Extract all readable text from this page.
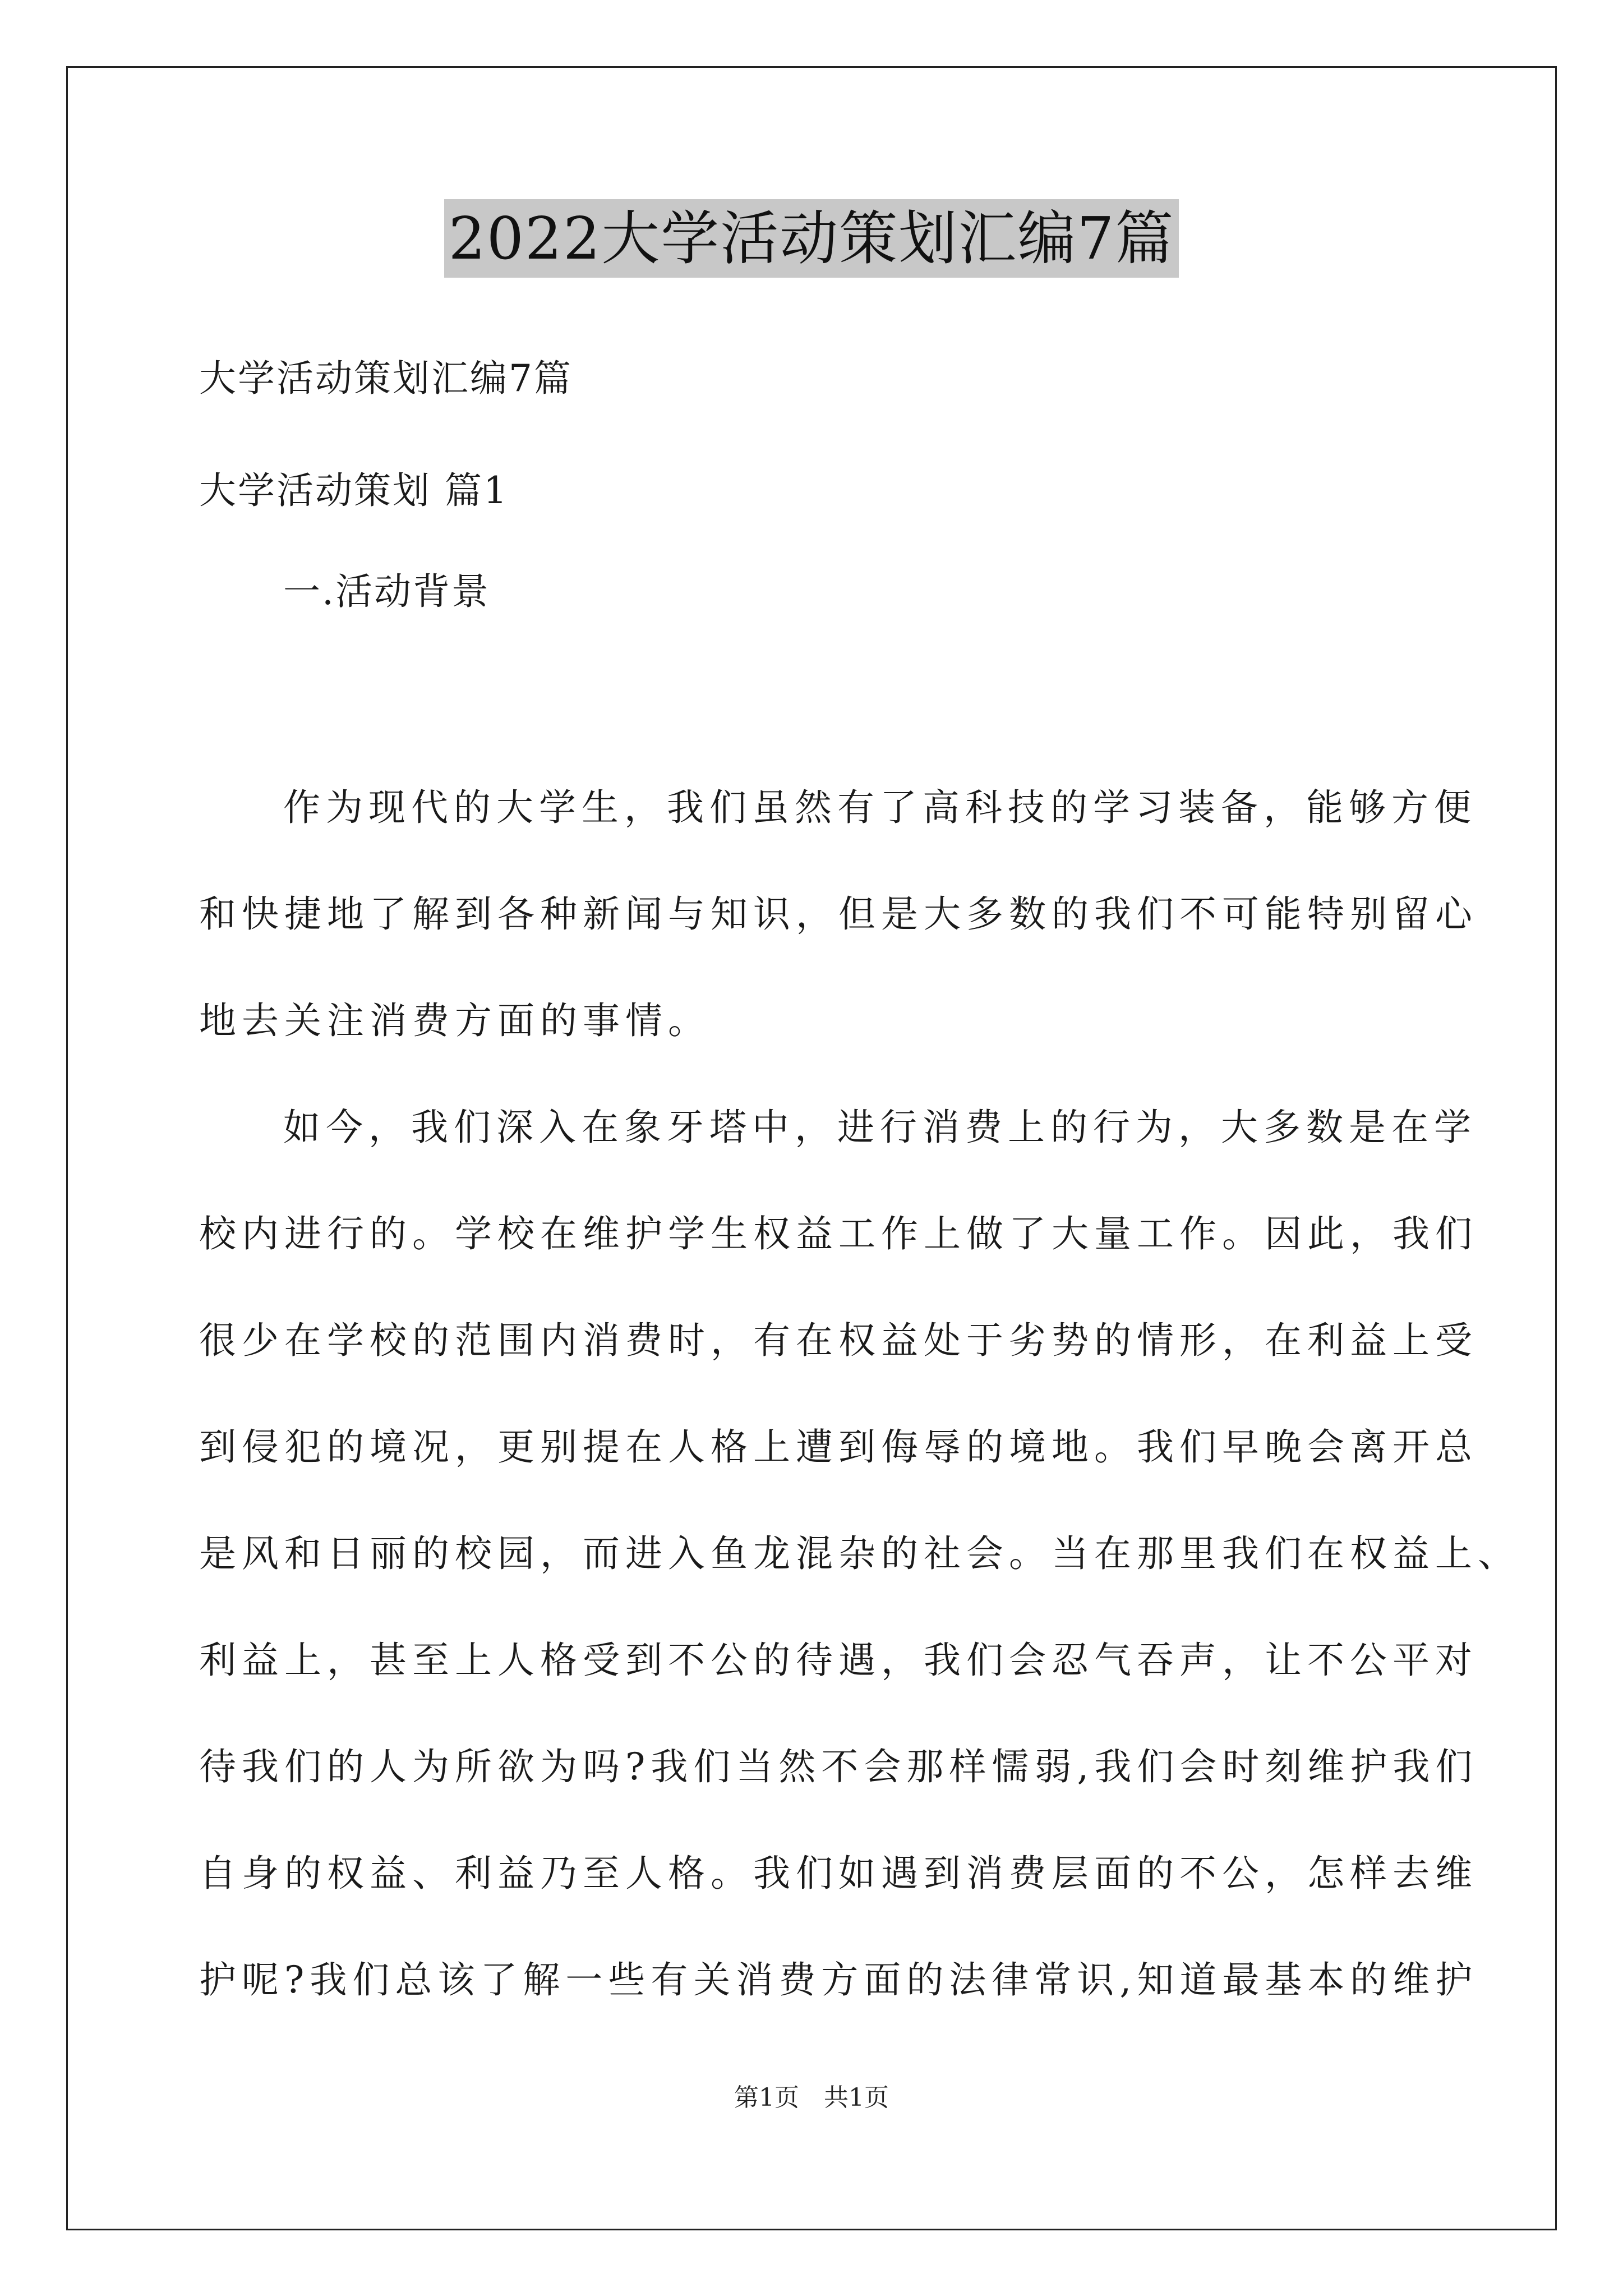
2022大学活动策划汇编7篇
大学活动策划汇编7篇
大学活动策划 篇1
一.活动背景
作为现代的大学生，我们虽然有了高科技的学习装备，能够方便
和快捷地了解到各种新闻与知识，但是大多数的我们不可能特别留心
地去关注消费方面的事情。
如今，我们深入在象牙塔中，进行消费上的行为，大多数是在学
校内进行的。学校在维护学生权益工作上做了大量工作。因此，我们
很少在学校的范围内消费时，有在权益处于劣势的情形，在利益上受
到侵犯的境况，更别提在人格上遭到侮辱的境地。我们早晚会离开总
是风和日丽的校园，而进入鱼龙混杂的社会。当在那里我们在权益上、
利益上，甚至上人格受到不公的待遇，我们会忍气吞声，让不公平对
待我们的人为所欲为吗?我们当然不会那样懦弱,我们会时刻维护我们
自身的权益、利益乃至人格。我们如遇到消费层面的不公，怎样去维
护呢?我们总该了解一些有关消费方面的法律常识,知道最基本的维护
第1页　共1页
